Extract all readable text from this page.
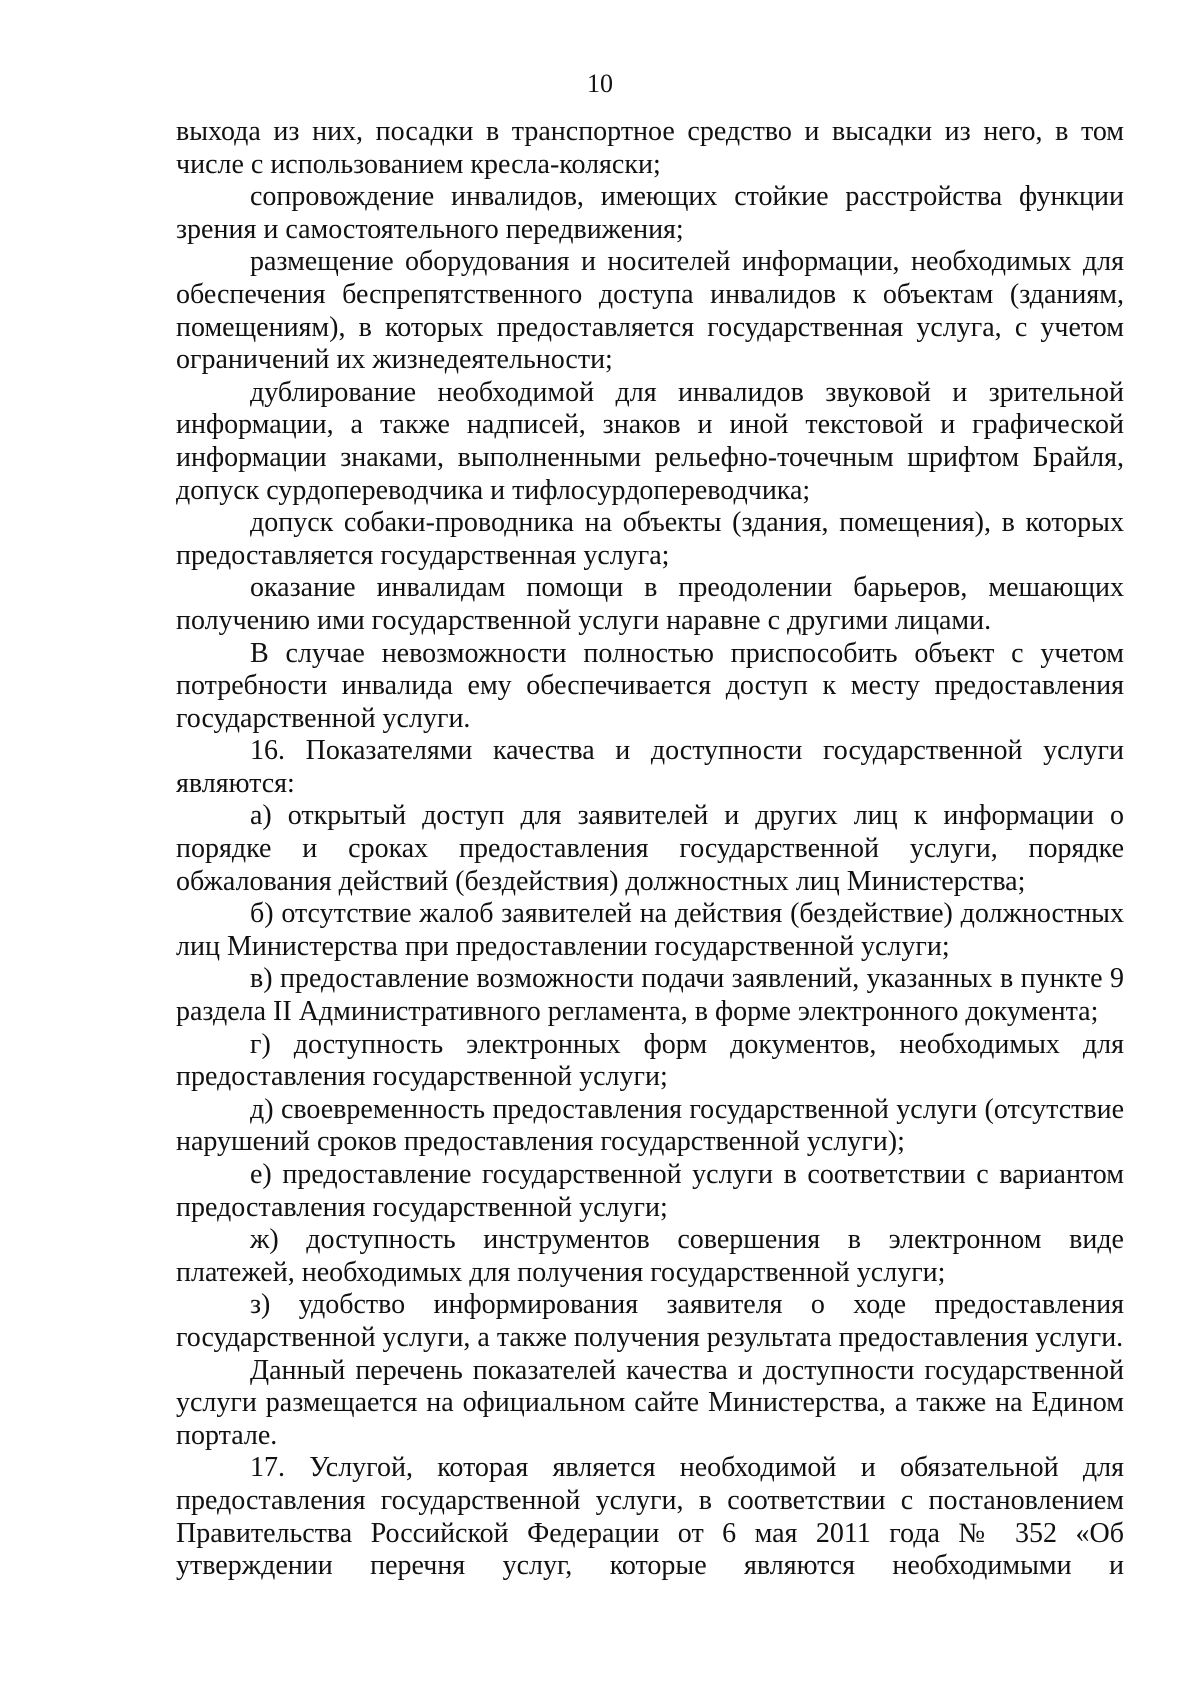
10

выхода из них, посадки в транспортное средство и высадки из него, в том числе с использованием кресла-коляски;

сопровождение инвалидов, имеющих стойкие расстройства функции зрения и самостоятельного передвижения;

размещение оборудования и носителей информации, необходимых для обеспечения беспрепятственного доступа инвалидов к объектам (зданиям, помещениям), в которых предоставляется государственная услуга, с учетом ограничений их жизнедеятельности;

дублирование необходимой для инвалидов звуковой и зрительной информации, а также надписей, знаков и иной текстовой и графической информации знаками, выполненными рельефно-точечным шрифтом Брайля, допуск сурдопереводчика и тифлосурдопереводчика;

допуск собаки-проводника на объекты (здания, помещения), в которых предоставляется государственная услуга;

оказание инвалидам помощи в преодолении барьеров, мешающих получению ими государственной услуги наравне с другими лицами.

В случае невозможности полностью приспособить объект с учетом потребности инвалида ему обеспечивается доступ к месту предоставления государственной услуги.

16. Показателями качества и доступности государственной услуги являются:

а) открытый доступ для заявителей и других лиц к информации о порядке и сроках предоставления государственной услуги, порядке обжалования действий (бездействия) должностных лиц Министерства;

б) отсутствие жалоб заявителей на действия (бездействие) должностных лиц Министерства при предоставлении государственной услуги;

в) предоставление возможности подачи заявлений, указанных в пункте 9 раздела II Административного регламента, в форме электронного документа;

г) доступность электронных форм документов, необходимых для предоставления государственной услуги;

д) своевременность предоставления государственной услуги (отсутствие нарушений сроков предоставления государственной услуги);

е) предоставление государственной услуги в соответствии с вариантом предоставления государственной услуги;

ж) доступность инструментов совершения в электронном виде платежей, необходимых для получения государственной услуги;

з) удобство информирования заявителя о ходе предоставления государственной услуги, а также получения результата предоставления услуги.

Данный перечень показателей качества и доступности государственной услуги размещается на официальном сайте Министерства, а также на Едином портале.

17. Услугой, которая является необходимой и обязательной для предоставления государственной услуги, в соответствии с постановлением Правительства Российской Федерации от 6 мая 2011 года № 352 «Об утверждении перечня услуг, которые являются необходимыми и
